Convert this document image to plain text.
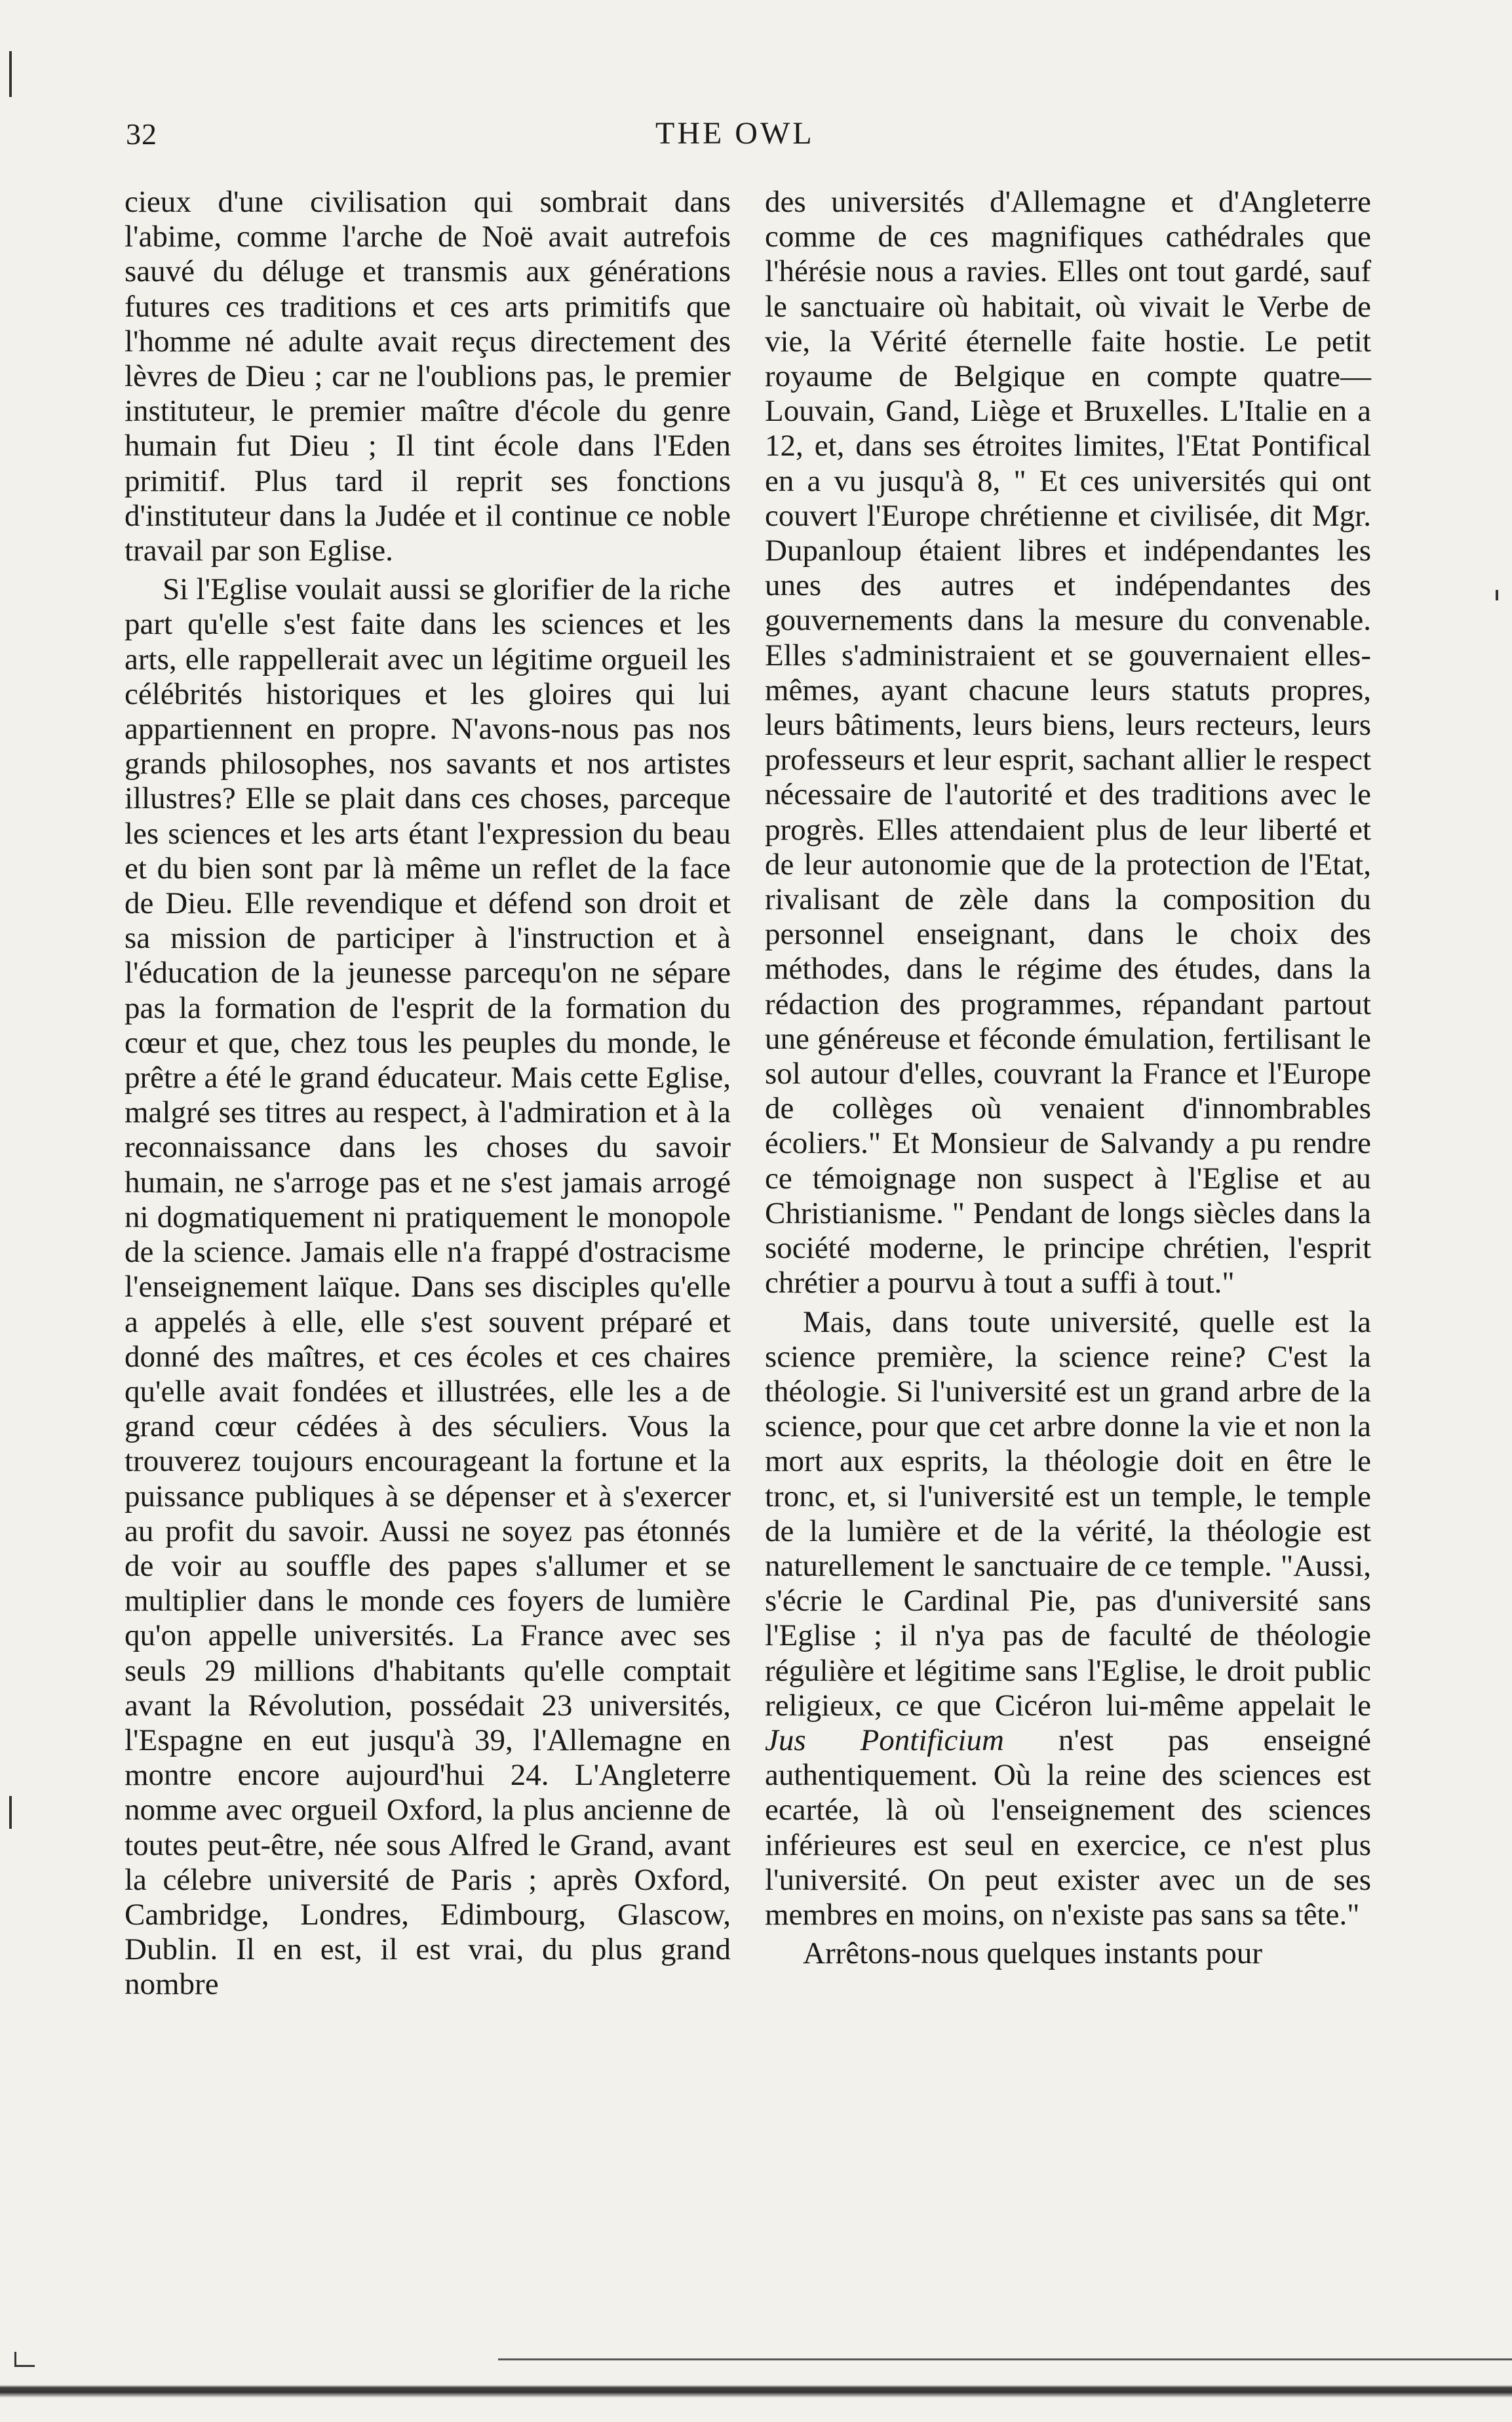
32	THE OWL

cieux d'une civilisation qui sombrait dans l'abime, comme l'arche de Noë avait autrefois sauvé du déluge et transmis aux générations futures ces traditions et ces arts primitifs que l'homme né adulte avait reçus directement des lèvres de Dieu ; car ne l'oublions pas, le premier instituteur, le premier maître d'école du genre humain fut Dieu ; Il tint école dans l'Eden primitif. Plus tard il reprit ses fonctions d'instituteur dans la Judée et il continue ce noble travail par son Eglise.

Si l'Eglise voulait aussi se glorifier de la riche part qu'elle s'est faite dans les sciences et les arts, elle rappellerait avec un légitime orgueil les célébrités historiques et les gloires qui lui appartiennent en propre. N'avons-nous pas nos grands philosophes, nos savants et nos artistes illustres? Elle se plait dans ces choses, parceque les sciences et les arts étant l'expression du beau et du bien sont par là même un reflet de la face de Dieu. Elle revendique et défend son droit et sa mission de participer à l'instruction et à l'éducation de la jeunesse parcequ'on ne sépare pas la formation de l'esprit de la formation du cœur et que, chez tous les peuples du monde, le prêtre a été le grand éducateur. Mais cette Eglise, malgré ses titres au respect, à l'admiration et à la reconnaissance dans les choses du savoir humain, ne s'arroge pas et ne s'est jamais arrogé ni dogmatiquement ni pratiquement le monopole de la science. Jamais elle n'a frappé d'ostracisme l'enseignement laïque. Dans ses disciples qu'elle a appelés à elle, elle s'est souvent préparé et donné des maîtres, et ces écoles et ces chaires qu'elle avait fondées et illustrées, elle les a de grand cœur cédées à des séculiers. Vous la trouverez toujours encourageant la fortune et la puissance publiques à se dépenser et à s'exercer au profit du savoir. Aussi ne soyez pas étonnés de voir au souffle des papes s'allumer et se multiplier dans le monde ces foyers de lumière qu'on appelle universités. La France avec ses seuls 29 millions d'habitants qu'elle comptait avant la Révolution, possédait 23 universités, l'Espagne en eut jusqu'à 39, l'Allemagne en montre encore aujourd'hui 24. L'Angleterre nomme avec orgueil Oxford, la plus ancienne de toutes peut-être, née sous Alfred le Grand, avant la célebre université de Paris ; après Oxford, Cambridge, Londres, Edimbourg, Glascow, Dublin. Il en est, il est vrai, du plus grand nombre

des universités d'Allemagne et d'Angleterre comme de ces magnifiques cathédrales que l'hérésie nous a ravies. Elles ont tout gardé, sauf le sanctuaire où habitait, où vivait le Verbe de vie, la Vérité éternelle faite hostie. Le petit royaume de Belgique en compte quatre—Louvain, Gand, Liège et Bruxelles. L'Italie en a 12, et, dans ses étroites limites, l'Etat Pontifical en a vu jusqu'à 8, " Et ces universités qui ont couvert l'Europe chrétienne et civilisée, dit Mgr. Dupanloup étaient libres et indépendantes les unes des autres et indépendantes des gouvernements dans la mesure du convenable. Elles s'administraient et se gouvernaient elles-mêmes, ayant chacune leurs statuts propres, leurs bâtiments, leurs biens, leurs recteurs, leurs professeurs et leur esprit, sachant allier le respect nécessaire de l'autorité et des traditions avec le progrès. Elles attendaient plus de leur liberté et de leur autonomie que de la protection de l'Etat, rivalisant de zèle dans la composition du personnel enseignant, dans le choix des méthodes, dans le régime des études, dans la rédaction des programmes, répandant partout une généreuse et féconde émulation, fertilisant le sol autour d'elles, couvrant la France et l'Europe de collèges où venaient d'innombrables écoliers." Et Monsieur de Salvandy a pu rendre ce témoignage non suspect à l'Eglise et au Christianisme. " Pendant de longs siècles dans la société moderne, le principe chrétien, l'esprit chrétier a pourvu à tout a suffi à tout."

Mais, dans toute université, quelle est la science première, la science reine? C'est la théologie. Si l'université est un grand arbre de la science, pour que cet arbre donne la vie et non la mort aux esprits, la théologie doit en être le tronc, et, si l'université est un temple, le temple de la lumière et de la vérité, la théologie est naturellement le sanctuaire de ce temple. "Aussi, s'écrie le Cardinal Pie, pas d'université sans l'Eglise ; il n'ya pas de faculté de théologie régulière et légitime sans l'Eglise, le droit public religieux, ce que Cicéron lui-même appelait le Jus Pontificium n'est pas enseigné authentiquement. Où la reine des sciences est ecartée, là où l'enseignement des sciences inférieures est seul en exercice, ce n'est plus l'université. On peut exister avec un de ses membres en moins, on n'existe pas sans sa tête."

Arrêtons-nous quelques instants pour
